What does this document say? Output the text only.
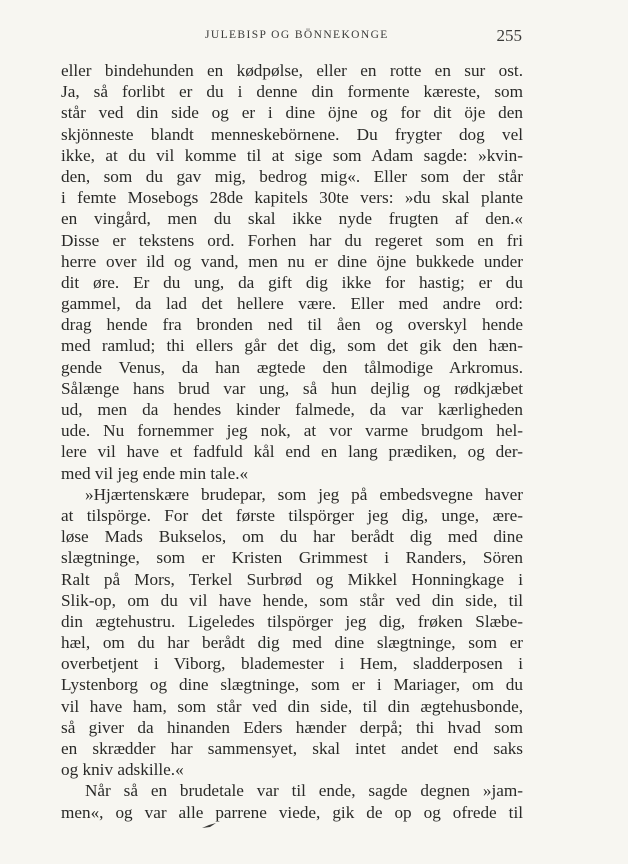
JULEBISP OG BÖNNEKONGE	255
eller bindehunden en kødpølse, eller en rotte en sur ost.
Ja, så forlibt er du i denne din formente kæreste, som
står ved din side og er i dine öjne og for dit öje den
skjönneste blandt menneskebörnene. Du frygter dog vel
ikke, at du vil komme til at sige som Adam sagde: »kvin-
den, som du gav mig, bedrog mig«. Eller som der står
i femte Mosebogs 28de kapitels 30te vers: »du skal plante
en vingård, men du skal ikke nyde frugten af den.«
Disse er tekstens ord. Forhen har du regeret som en fri
herre over ild og vand, men nu er dine öjne bukkede under
dit øre. Er du ung, da gift dig ikke for hastig; er du
gammel, da lad det hellere være. Eller med andre ord:
drag hende fra bronden ned til åen og overskyl hende
med ramlud; thi ellers går det dig, som det gik den hæn-
gende Venus, da han ægtede den tålmodige Arkromus.
Sålænge hans brud var ung, så hun dejlig og rødkjæbet
ud, men da hendes kinder falmede, da var kærligheden
ude. Nu fornemmer jeg nok, at vor varme brudgom hel-
lere vil have et fadfuld kål end en lang prædiken, og der-
med vil jeg ende min tale.«
»Hjærtenskære brudepar, som jeg på embedsvegne haver
at tilspörge. For det første tilspörger jeg dig, unge, ære-
løse Mads Bukselos, om du har berådt dig med dine
slægtninge, som er Kristen Grimmest i Randers, Sören
Ralt på Mors, Terkel Surbrød og Mikkel Honningkage i
Slik-op, om du vil have hende, som står ved din side, til
din ægtehustru. Ligeledes tilspörger jeg dig, frøken Slæbe-
hæl, om du har berådt dig med dine slægtninge, som er
overbetjent i Viborg, blademester i Hem, sladderposen i
Lystenborg og dine slægtninge, som er i Mariager, om du
vil have ham, som står ved din side, til din ægtehusbonde,
så giver da hinanden Eders hænder derpå; thi hvad som
en skrædder har sammensyet, skal intet andet end saks
og kniv adskille.«
Når så en brudetale var til ende, sagde degnen »jam-
men«, og var alle parrene viede, gik de op og ofrede til
